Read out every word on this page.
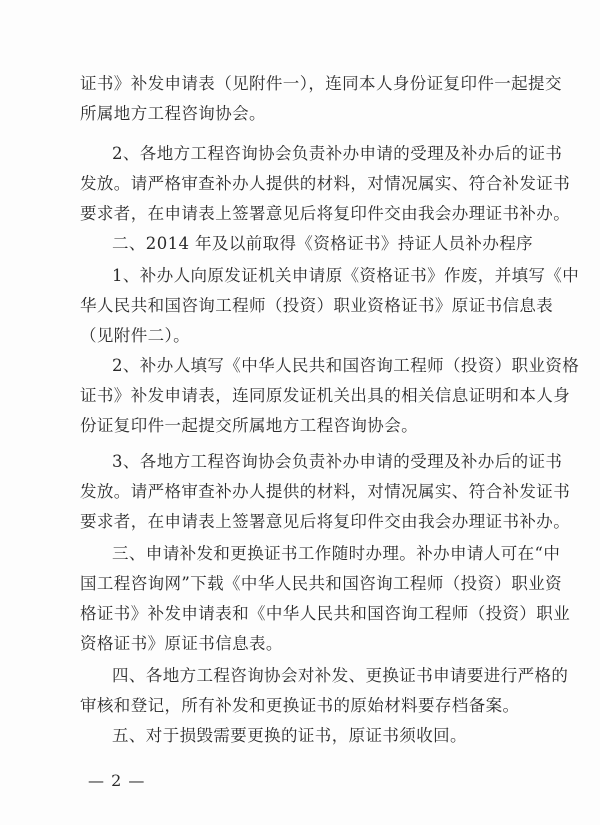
证书》补发申请表（见附件一），连同本人身份证复印件一起提交
所属地方工程咨询协会。
2、各地方工程咨询协会负责补办申请的受理及补办后的证书
发放。请严格审查补办人提供的材料，对情况属实、符合补发证书
要求者，在申请表上签署意见后将复印件交由我会办理证书补办。
二、2014 年及以前取得《资格证书》持证人员补办程序
1、补办人向原发证机关申请原《资格证书》作废，并填写《中
华人民共和国咨询工程师（投资）职业资格证书》原证书信息表
（见附件二）。
2、补办人填写《中华人民共和国咨询工程师（投资）职业资格
证书》补发申请表，连同原发证机关出具的相关信息证明和本人身
份证复印件一起提交所属地方工程咨询协会。
3、各地方工程咨询协会负责补办申请的受理及补办后的证书
发放。请严格审查补办人提供的材料，对情况属实、符合补发证书
要求者，在申请表上签署意见后将复印件交由我会办理证书补办。
三、申请补发和更换证书工作随时办理。补办申请人可在“中
国工程咨询网”下载《中华人民共和国咨询工程师（投资）职业资
格证书》补发申请表和《中华人民共和国咨询工程师（投资）职业
资格证书》原证书信息表。
四、各地方工程咨询协会对补发、更换证书申请要进行严格的
审核和登记，所有补发和更换证书的原始材料要存档备案。
五、对于损毁需要更换的证书，原证书须收回。
— 2 —
